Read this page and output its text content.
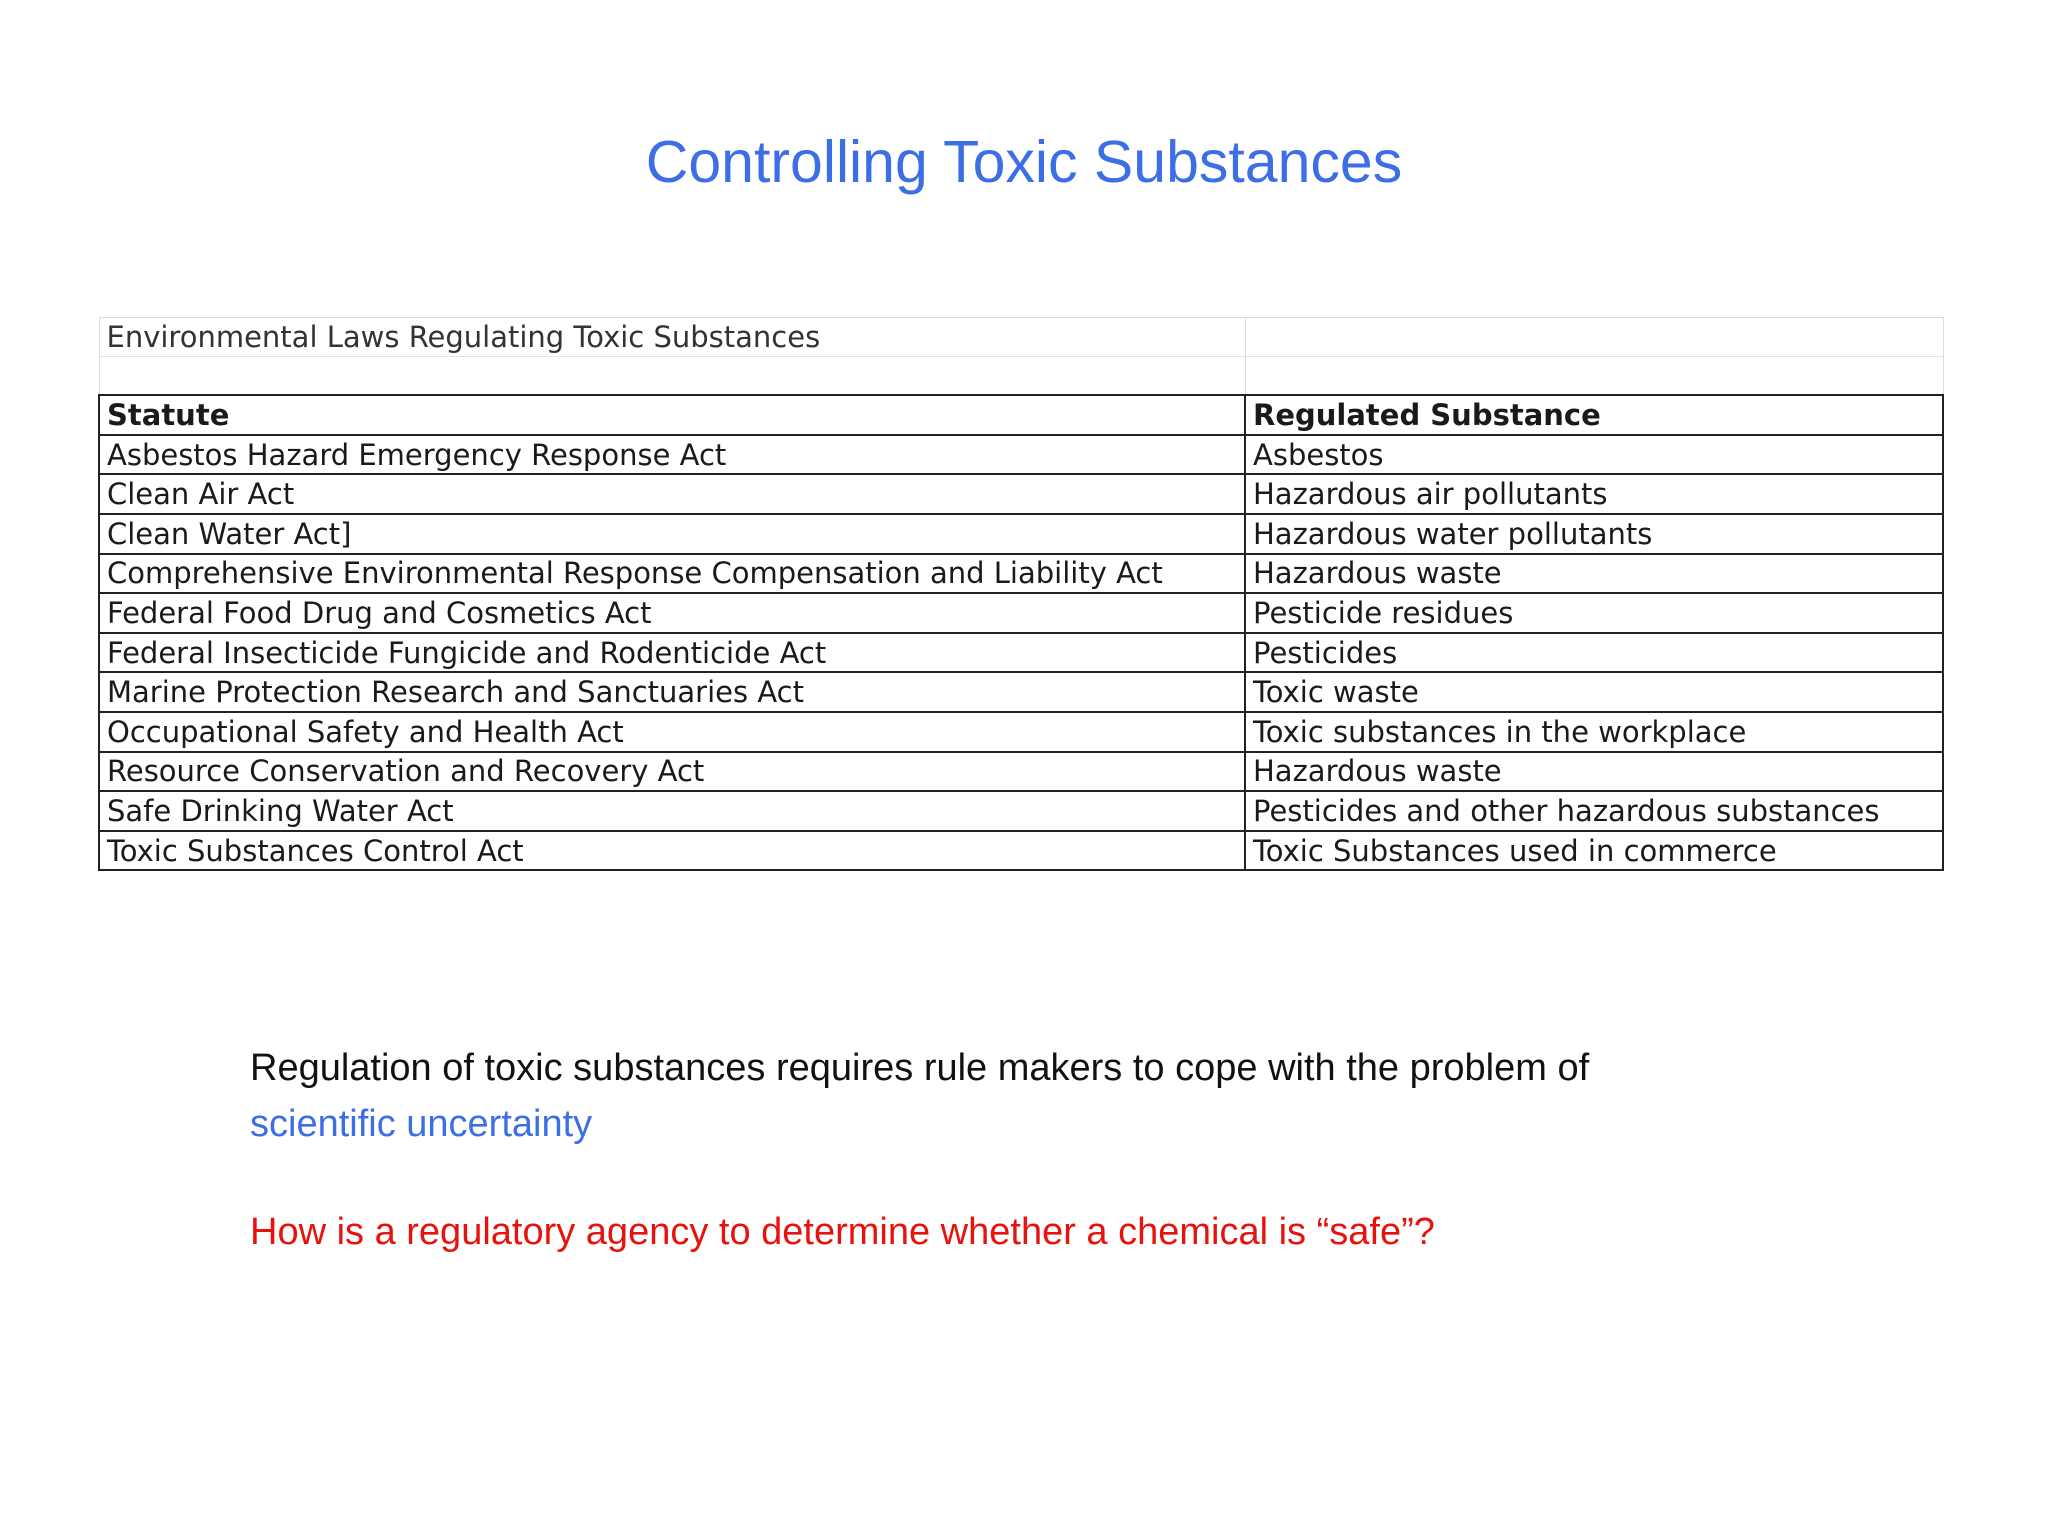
Controlling Toxic Substances
Environmental Laws Regulating Toxic Substances	

Statute	Regulated Substance
Asbestos Hazard Emergency Response Act	Asbestos
Clean Air Act	Hazardous air pollutants
Clean Water Act]	Hazardous water pollutants
Comprehensive Environmental Response Compensation and Liability Act	Hazardous waste
Federal Food Drug and Cosmetics Act	Pesticide residues
Federal Insecticide Fungicide and Rodenticide Act	Pesticides
Marine Protection Research and Sanctuaries Act	Toxic waste
Occupational Safety and Health Act	Toxic substances in the workplace
Resource Conservation and Recovery Act	Hazardous waste
Safe Drinking Water Act	Pesticides and other hazardous substances
Toxic Substances Control Act	Toxic Substances used in commerce

Regulation of toxic substances requires rule makers to cope with the problem of
scientific uncertainty

How is a regulatory agency to determine whether a chemical is “safe”?
